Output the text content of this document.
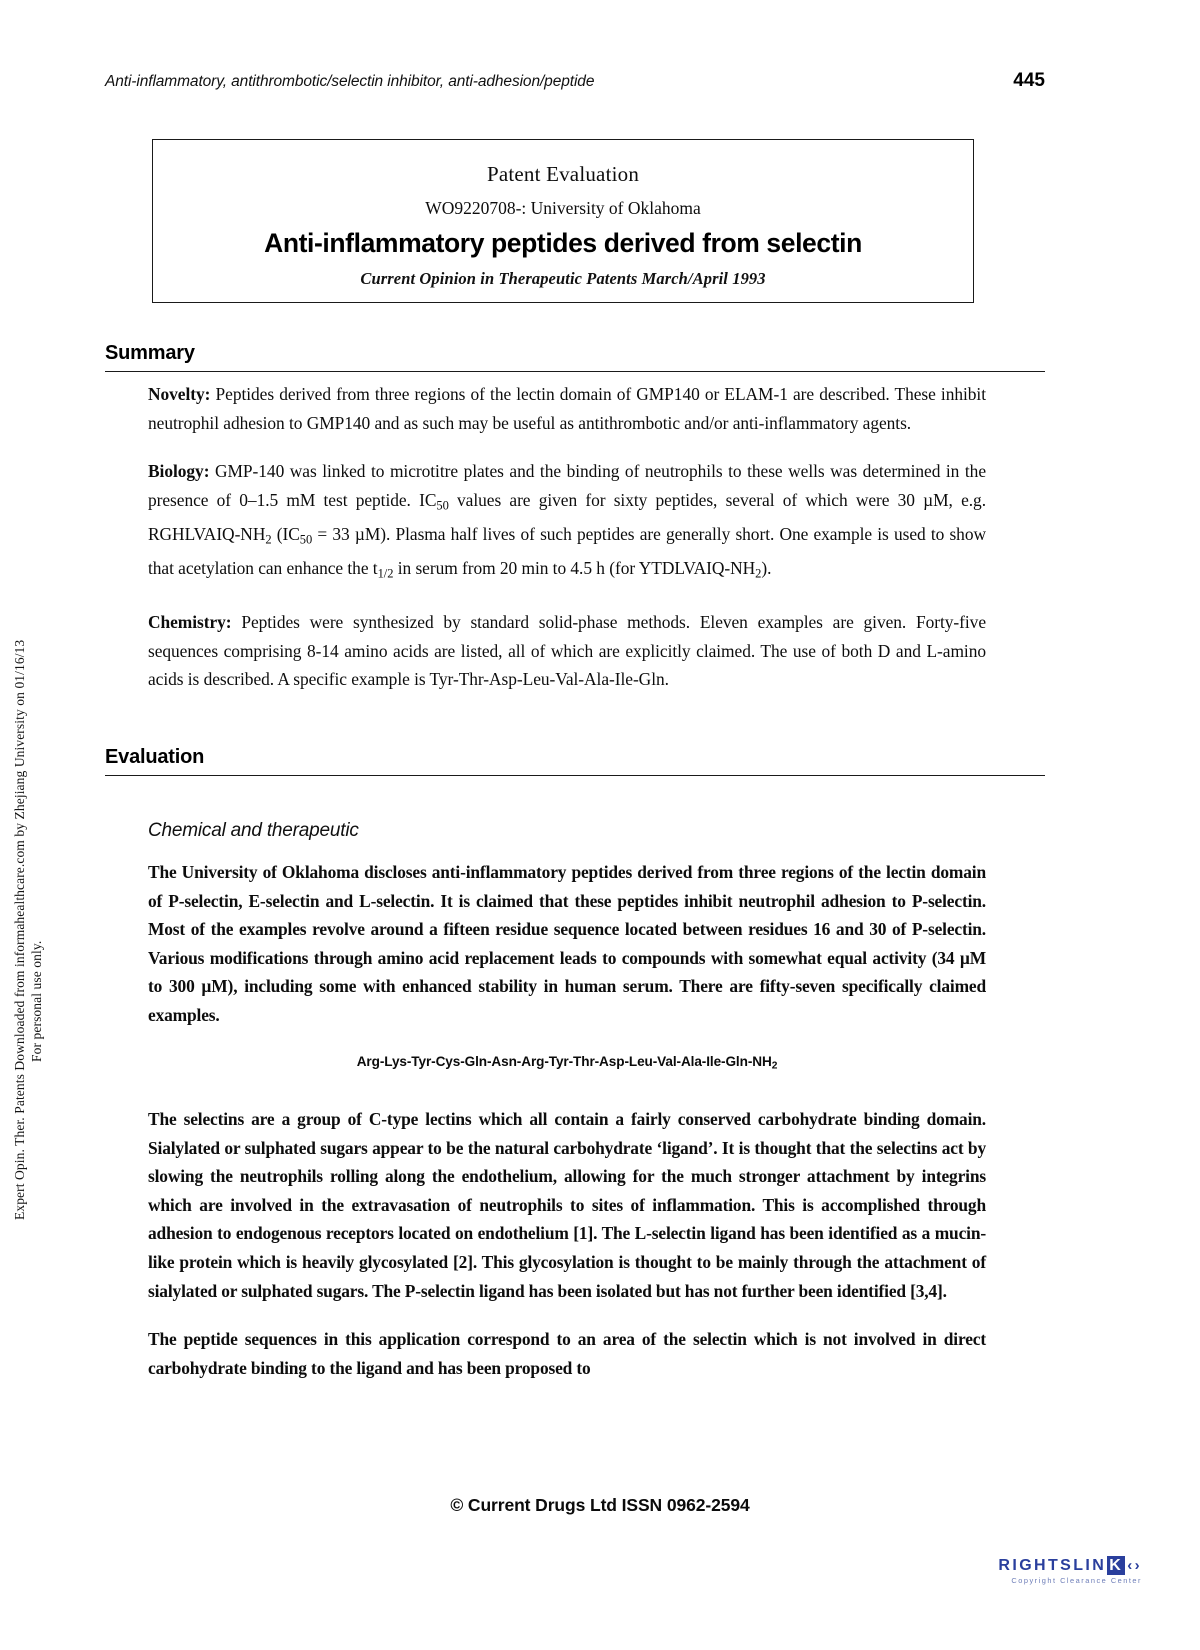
Expert Opin. Ther. Patents Downloaded from informahealthcare.com by Zhejiang University on 01/16/13 For personal use only.
Anti-inflammatory, antithrombotic/selectin inhibitor, anti-adhesion/peptide	445
Patent Evaluation
WO9220708-: University of Oklahoma
Anti-inflammatory peptides derived from selectin
Current Opinion in Therapeutic Patents March/April 1993
Summary

Novelty: Peptides derived from three regions of the lectin domain of GMP140 or ELAM-1 are described. These inhibit neutrophil adhesion to GMP140 and as such may be useful as antithrombotic and/or anti-inflammatory agents.

Biology: GMP-140 was linked to microtitre plates and the binding of neutrophils to these wells was determined in the presence of 0–1.5 mM test peptide. $IC_{50}$ values are given for sixty peptides, several of which were 30 µM, e.g. RGHLVAIQ-$NH_2$ ($IC_{50} = 33$ µM). Plasma half lives of such peptides are generally short. One example is used to show that acetylation can enhance the $t_{1/2}$ in serum from 20 min to 4.5 h (for YTDLVAIQ-$NH_2$).

Chemistry: Peptides were synthesized by standard solid-phase methods. Eleven examples are given. Forty-five sequences comprising 8-14 amino acids are listed, all of which are explicitly claimed. The use of both D and L-amino acids is described. A specific example is Tyr-Thr-Asp-Leu-Val-Ala-Ile-Gln.

Evaluation
Chemical and therapeutic

The University of Oklahoma discloses anti-inflammatory peptides derived from three regions of the lectin domain of P-selectin, E-selectin and L-selectin. It is claimed that these peptides inhibit neutrophil adhesion to P-selectin. Most of the examples revolve around a fifteen residue sequence located between residues 16 and 30 of P-selectin. Various modifications through amino acid replacement leads to compounds with somewhat equal activity (34 µM to 300 µM), including some with enhanced stability in human serum. There are fifty-seven specifically claimed examples.

Arg-$Lys-Tyr-Cys-Gln-Asn-Arg-Tyr-Thr-Asp-Leu-Val-Ala-Ile-Gln-NH_2$

The selectins are a group of C-type lectins which all contain a fairly conserved carbohydrate binding domain. Sialylated or sulphated sugars appear to be the natural carbohydrate ‘ligand’. It is thought that the selectins act by slowing the neutrophils rolling along the endothelium, allowing for the much stronger attachment by integrins which are involved in the extravasation of neutrophils to sites of inflammation. This is accomplished through adhesion to endogenous receptors located on endothelium [1]. The L-selectin ligand has been identified as a mucin-like protein which is heavily glycosylated [2]. This glycosylation is thought to be mainly through the attachment of sialylated or sulphated sugars. The P-selectin ligand has been isolated but has not further been identified [3,4].

The peptide sequences in this application correspond to an area of the selectin which is not involved in direct carbohydrate binding to the ligand and has been proposed to

© Current Drugs Ltd ISSN 0962-2594
RIGHTSLIN K ‹›
Copyright Clearance Center
